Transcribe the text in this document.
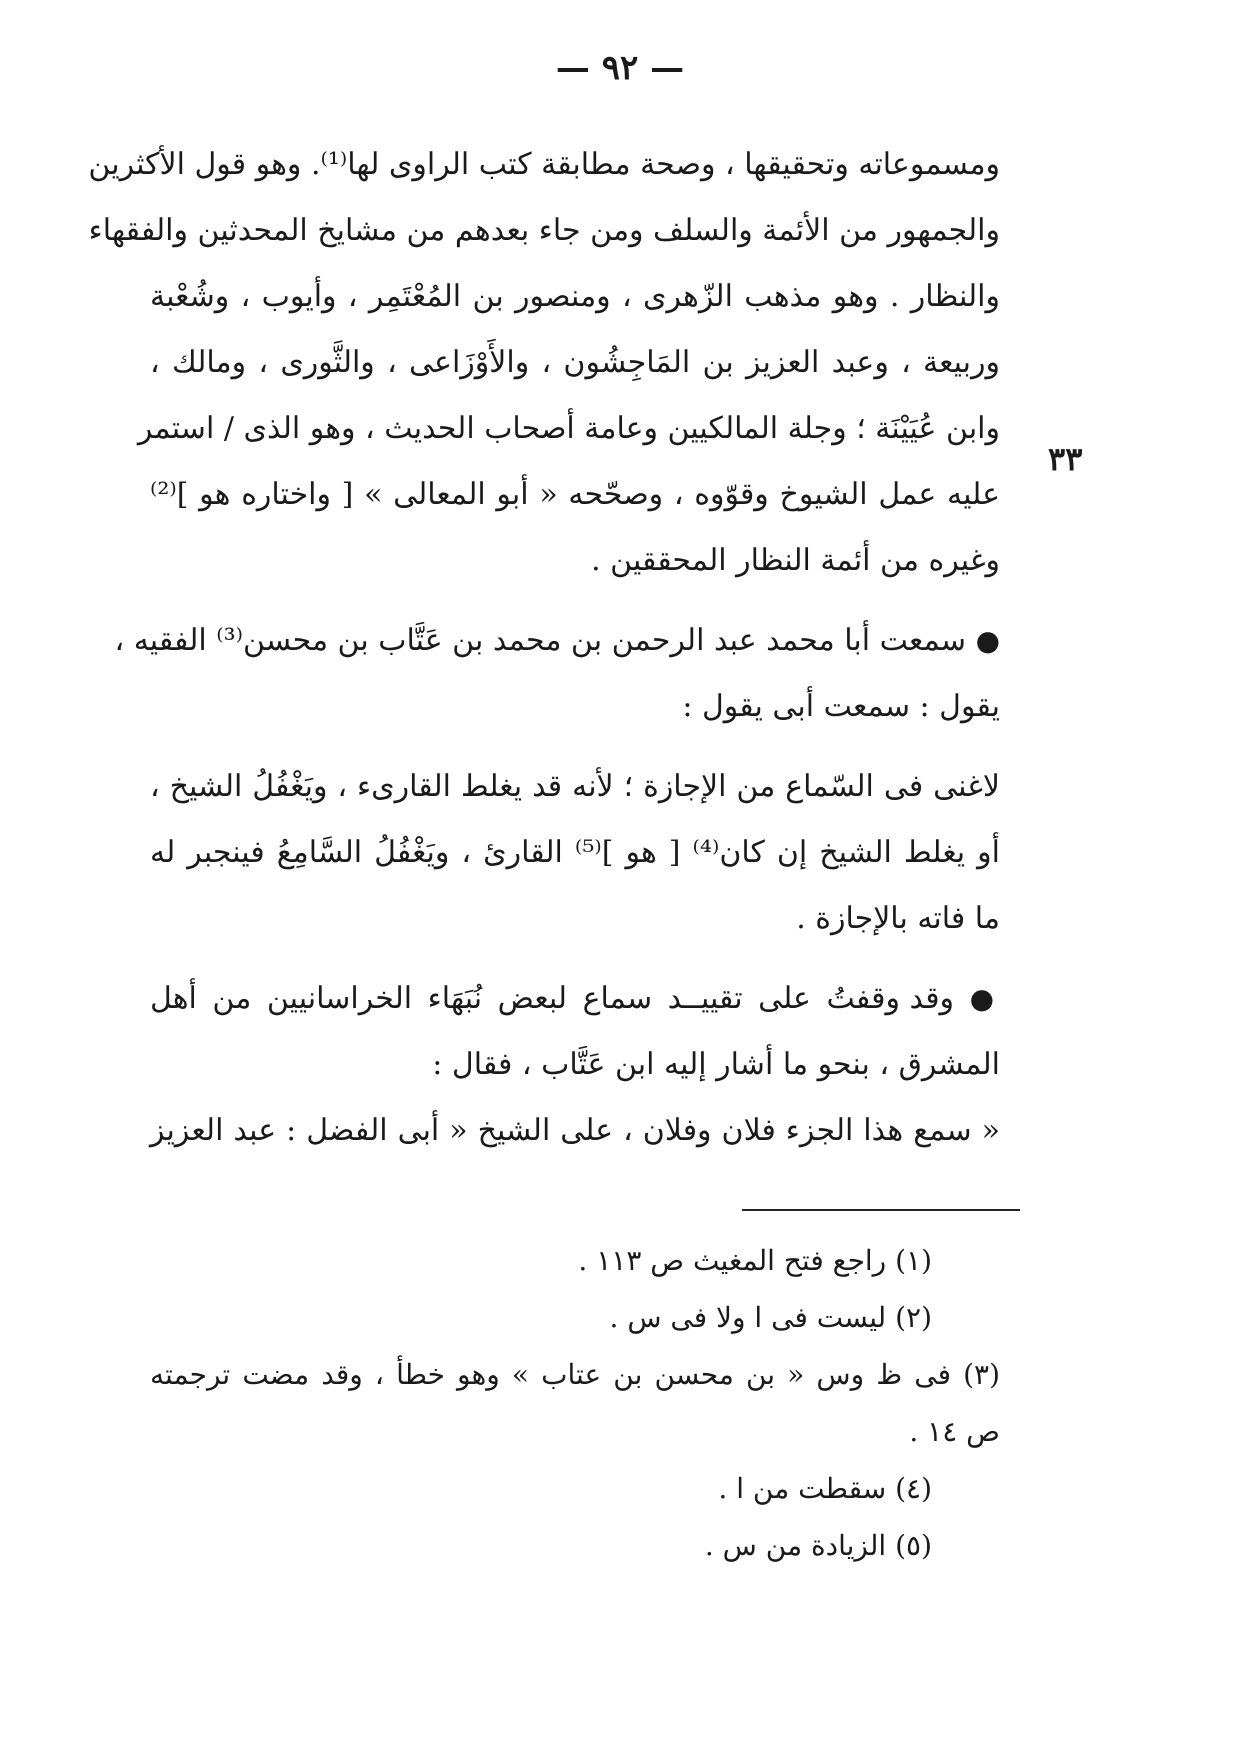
— ٩٢ —
٣٣
ومسموعاته وتحقيقها ، وصحة مطابقة كتب الراوى لها⁽¹⁾. وهو قول الأكثرين
والجمهور من الأئمة والسلف ومن جاء بعدهم من مشايخ المحدثين والفقهاء
والنظار . وهو مذهب الزّهرى ، ومنصور بن المُعْتَمِر ، وأيوب ، وشُعْبة
وربيعة ، وعبد العزيز بن المَاجِشُون ، والأَوْزَاعى ، والثَّورى ، ومالك ،
وابن عُيَيْنَة ؛ وجلة المالكيين وعامة أصحاب الحديث ، وهو الذى / استمر
عليه عمل الشيوخ وقوّوه ، وصحّحه « أبو المعالى » [ واختاره هو ]⁽²⁾
وغيره من أئمة النظار المحققين .
● سمعت أبا محمد عبد الرحمن بن محمد بن عَتَّاب بن محسن⁽³⁾ الفقيه ،
يقول : سمعت أبى يقول :
لاغنى فى السّماع من الإجازة ؛ لأنه قد يغلط القارىء ، ويَغْفُلُ الشيخ ،
أو يغلط الشيخ إن كان⁽⁴⁾ [ هو ]⁽⁵⁾ القارئ ، ويَغْفُلُ السَّامِعُ فينجبر له
ما فاته بالإجازة .
● وقد وقفتُ على تقييــد سماع لبعض نُبَهَاء الخراسانيين من أهل
المشرق ، بنحو ما أشار إليه ابن عَتَّاب ، فقال :
« سمع هذا الجزء فلان وفلان ، على الشيخ « أبى الفضل : عبد العزيز
(١) راجع فتح المغيث ص ١١٣ .
(٢) ليست فى ا ولا فى س .
(٣) فى ظ وس « بن محسن بن عتاب » وهو خطأ ، وقد مضت ترجمته
ص ١٤ .
(٤) سقطت من ا .
(٥) الزيادة من س .
